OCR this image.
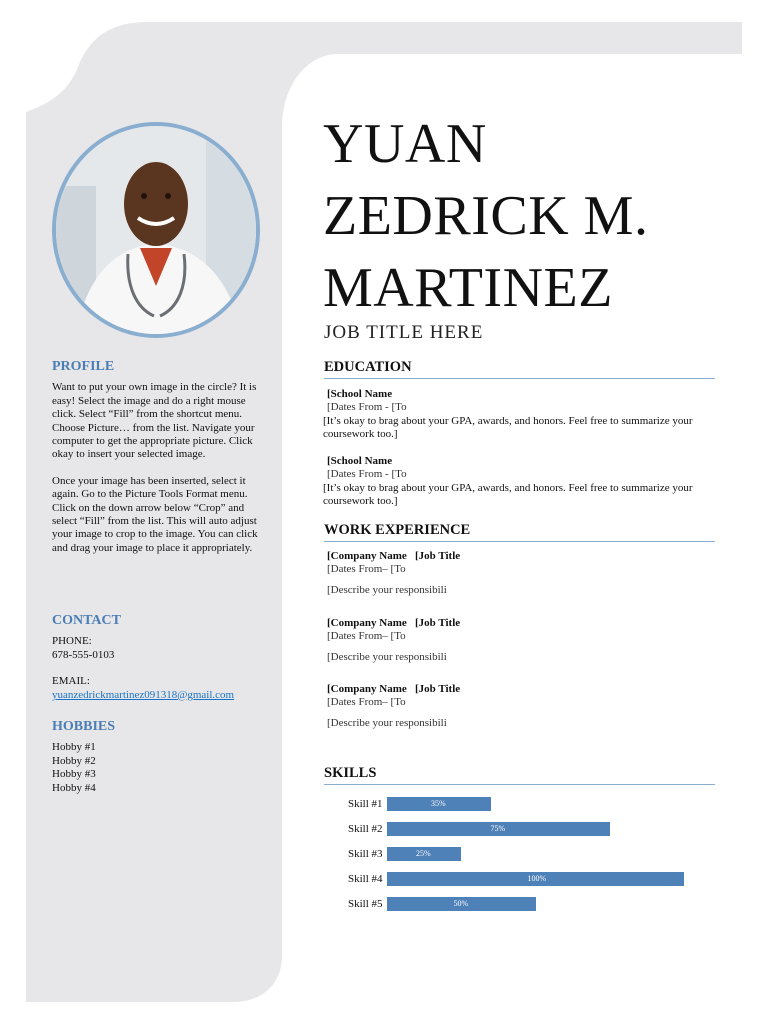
PROFILE

Want to put your own image in the circle? It is easy! Select the image and do a right mouse click. Select “Fill” from the shortcut menu. Choose Picture… from the list. Navigate your computer to get the appropriate picture. Click okay to insert your selected image.

Once your image has been inserted, select it again. Go to the Picture Tools Format menu. Click on the down arrow below “Crop” and select “Fill” from the list. This will auto adjust your image to crop to the image. You can click and drag your image to place it appropriately.

CONTACT

PHONE:

678-555-0103

EMAIL:

yuanzedrickmartinez091318@gmail.com

HOBBIES

Hobby #1

Hobby #2

Hobby #3

Hobby #4

YUAN
ZEDRICK M.
MARTINEZ
JOB TITLE HERE
EDUCATION
[School Name
[Dates From - [To
[It’s okay to brag about your GPA, awards, and honors. Feel free to summarize your coursework too.]
[School Name
[Dates From - [To
[It’s okay to brag about your GPA, awards, and honors. Feel free to summarize your coursework too.]
WORK EXPERIENCE
[Company Name [Job Title
[Dates From– [To
[Describe your responsibili
[Company Name [Job Title
[Dates From– [To
[Describe your responsibili
[Company Name [Job Title
[Dates From– [To
[Describe your responsibili
SKILLS
Skill #1	35%
Skill #2	75%
Skill #3	25%
Skill #4	100%
Skill #5	50%
